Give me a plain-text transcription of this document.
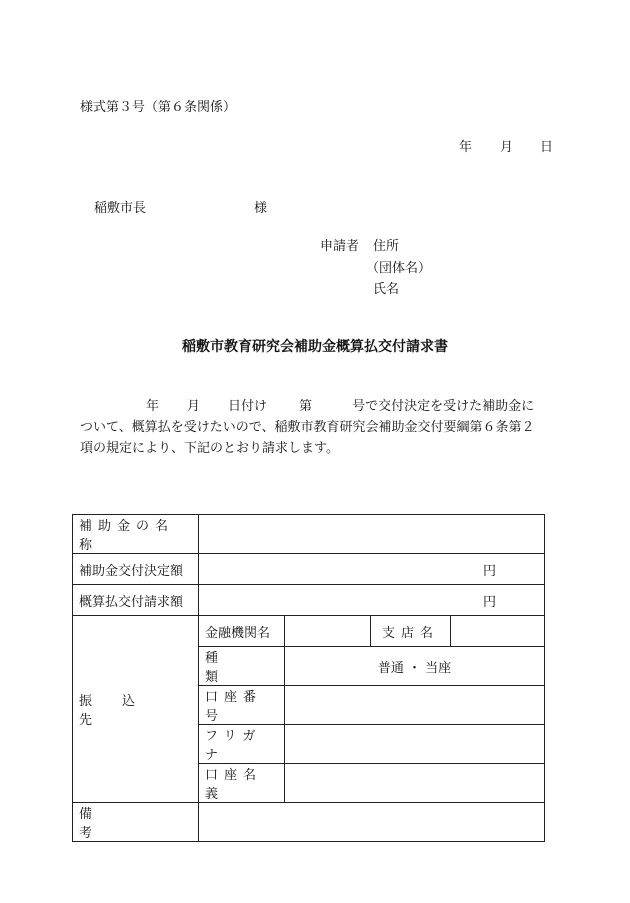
様式第３号（第６条関係）
年 月 日
稲敷市長	様
申請者 住所
（団体名）
氏名
稲敷市教育研究会補助金概算払交付請求書
年 月 日付け 第	号で交付決定を受けた補助金に
ついて、概算払を受けたいので、稲敷市教育研究会補助金交付要綱第６条第２
項の規定により、下記のとおり請求します。
補助金の名称				
補助金交付決定額	円			
概算払交付請求額	円			

振込先	金融機関名		支店名	
	種類	普通 ・ 当座		
	口座番号			
	フリガナ			
	口座名義			
備考				
